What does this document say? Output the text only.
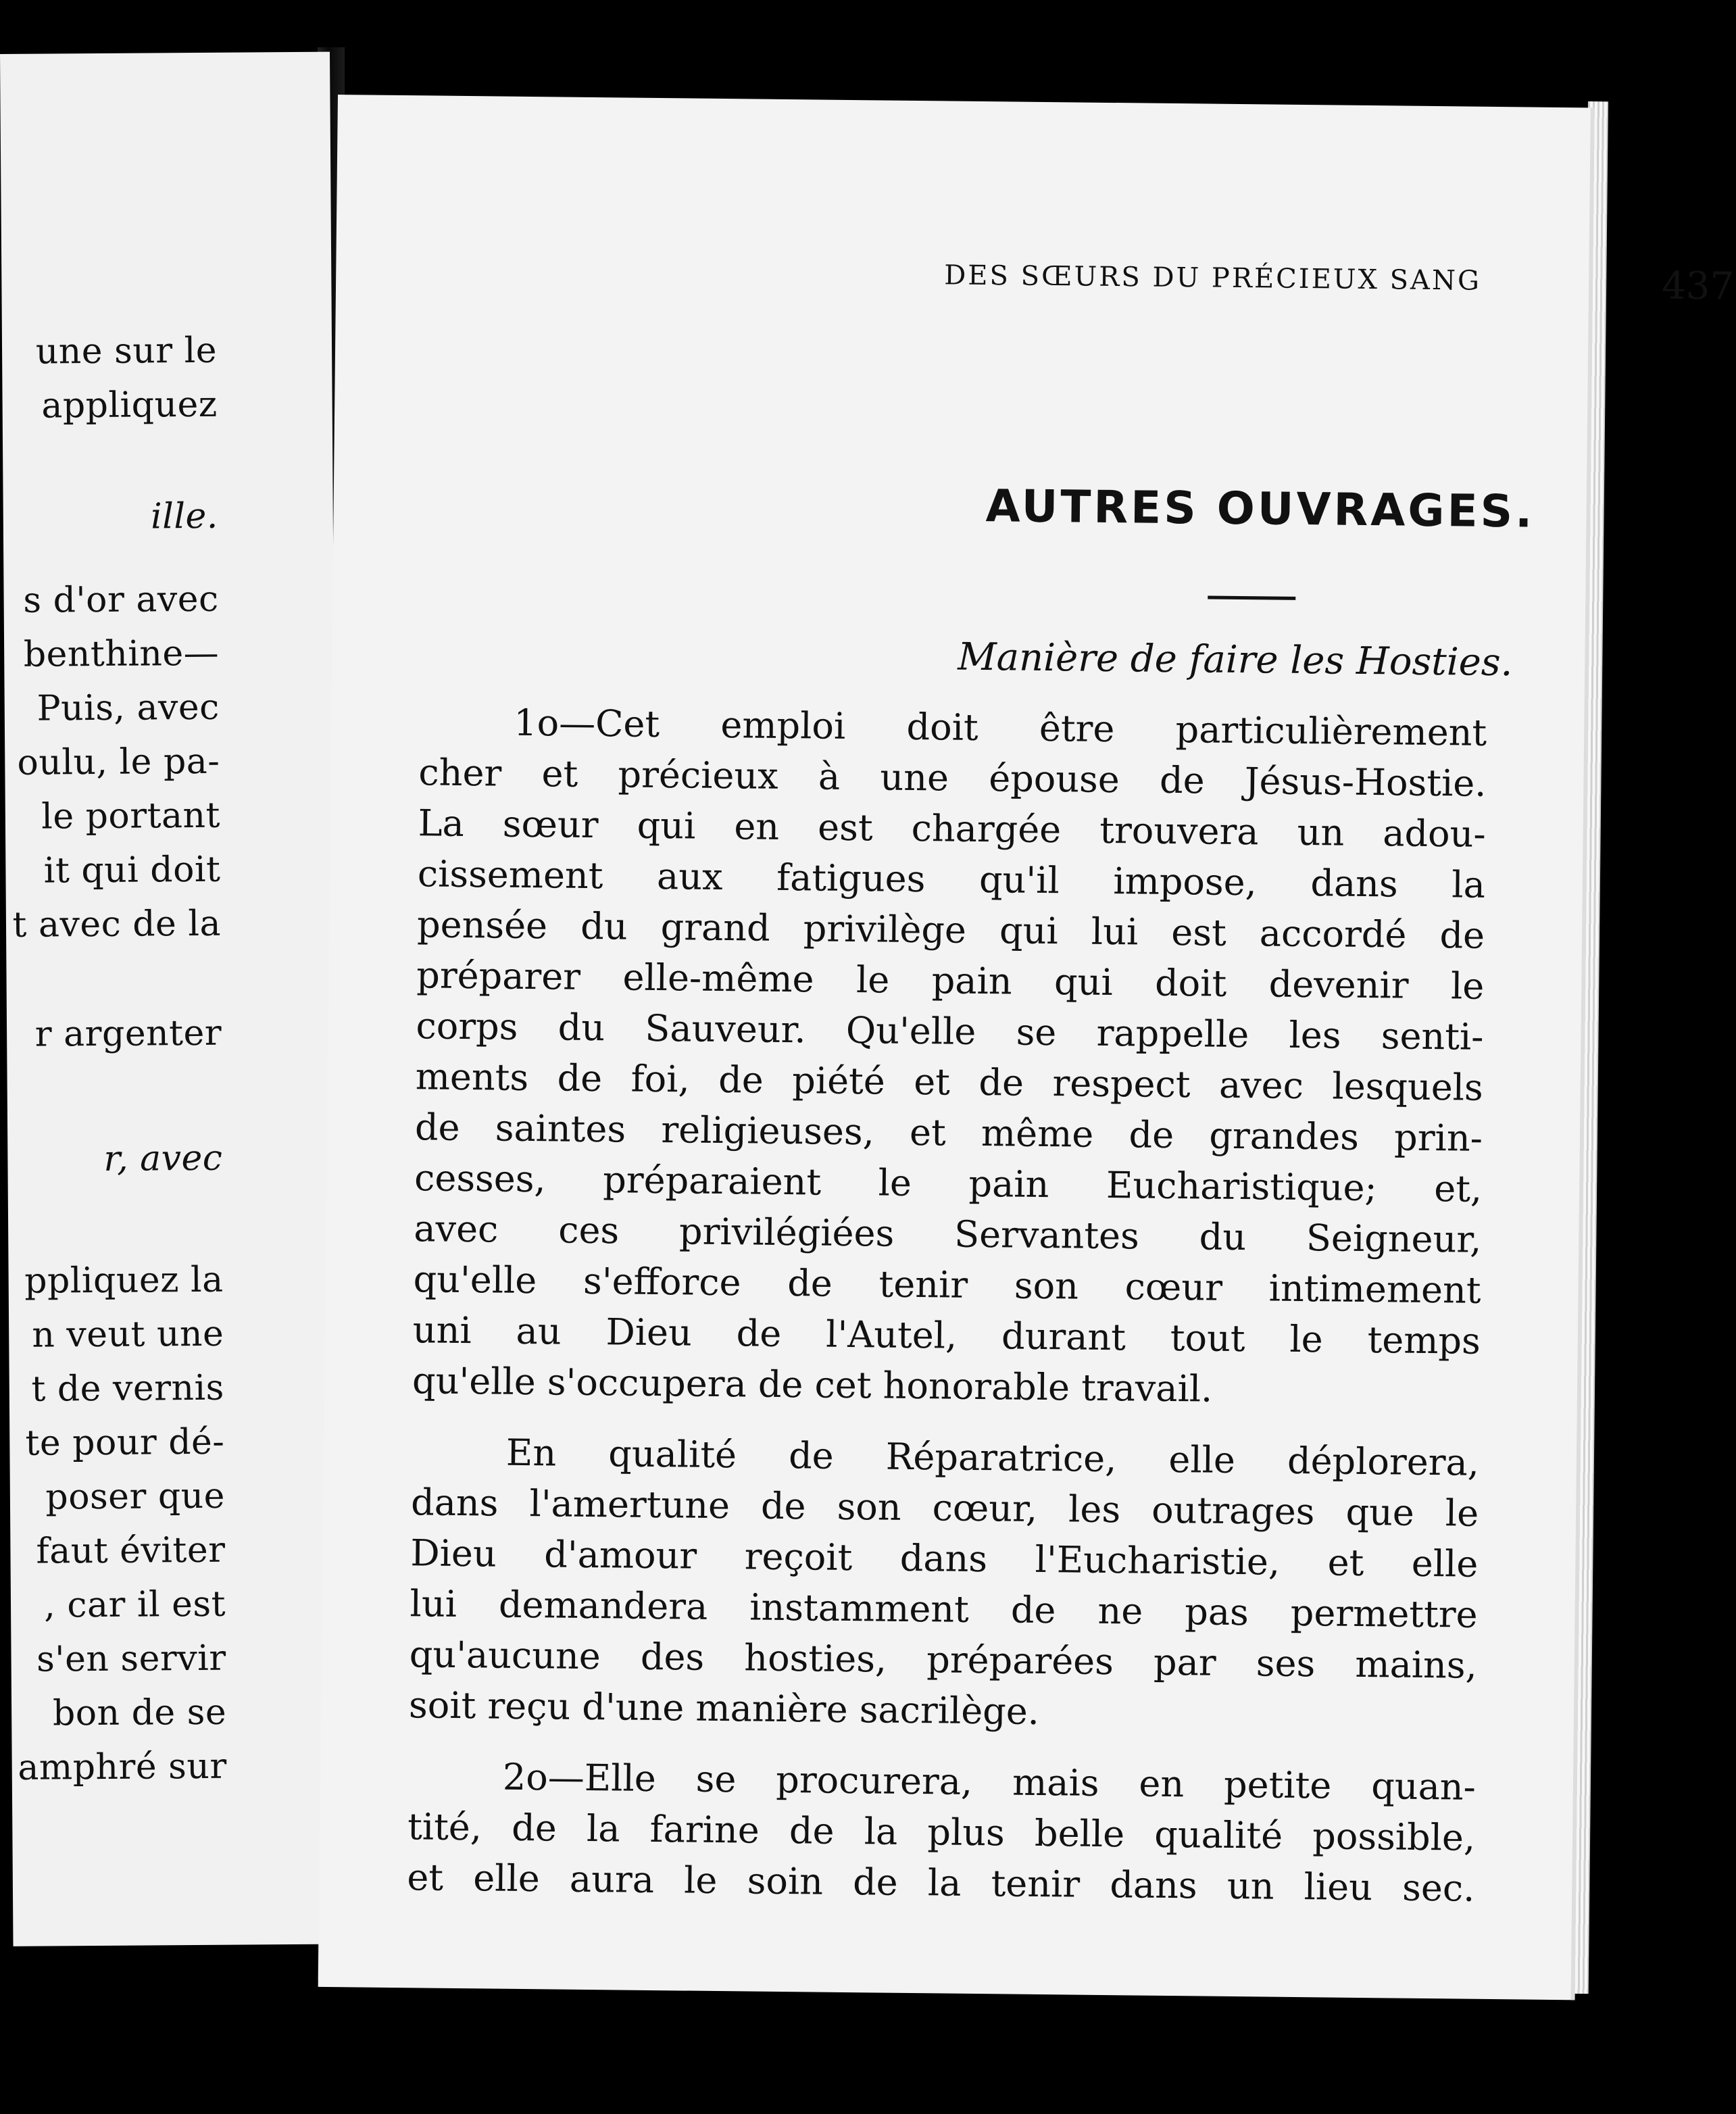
une sur le

appliquez

ille.

s d'or avec

benthine—

Puis, avec

oulu, le pa-

le portant

it qui doit

t avec de la

r argenter

r, avec

ppliquez la

n veut une

t de vernis

te pour dé-

poser que

faut éviter

, car il est

s'en servir

bon de se

amphré sur

DES SŒURS DU PRÉCIEUX SANG	437
AUTRES OUVRAGES.
Manière de faire les Hosties.

1o—Cet emploi doit être particulièrement

cher et précieux à une épouse de Jésus-Hostie.

La sœur qui en est chargée trouvera un adou-

cissement aux fatigues qu'il impose, dans la

pensée du grand privilège qui lui est accordé de

préparer elle-même le pain qui doit devenir le

corps du Sauveur. Qu'elle se rappelle les senti-

ments de foi, de piété et de respect avec lesquels

de saintes religieuses, et même de grandes prin-

cesses, préparaient le pain Eucharistique; et,

avec ces privilégiées Servantes du Seigneur,

qu'elle s'efforce de tenir son cœur intimement

uni au Dieu de l'Autel, durant tout le temps

qu'elle s'occupera de cet honorable travail.

En qualité de Réparatrice, elle déplorera,

dans l'amertune de son cœur, les outrages que le

Dieu d'amour reçoit dans l'Eucharistie, et elle

lui demandera instamment de ne pas permettre

qu'aucune des hosties, préparées par ses mains,

soit reçu d'une manière sacrilège.

2o—Elle se procurera, mais en petite quan-

tité, de la farine de la plus belle qualité possible,

et elle aura le soin de la tenir dans un lieu sec.
